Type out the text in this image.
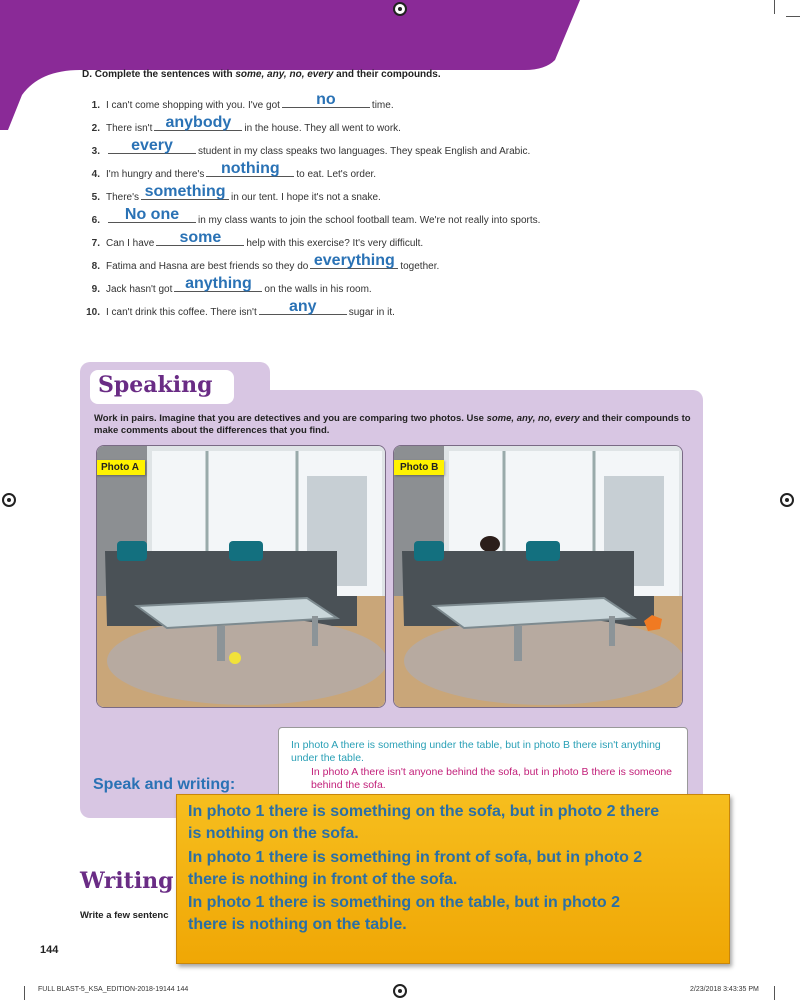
D. Complete the sentences with some, any, no, every and their compounds.
1. I can't come shopping with you. I've got	no	time.
2. There isn't anybody	in the house. They all went to work.
3.	every	student in my class speaks two languages. They speak English and Arabic.
4. I'm hungry and there's	nothing	to eat. Let's order.
5. There's something in our tent. I hope it's not a snake.
6.	No one	in my class wants to join the school football team. We're not really into sports.
7. Can I have	some	help with this exercise? It's very difficult.
8. Fatima and Hasna are best friends so they do everything together.
9. Jack hasn't got anything	on the walls in his room.
10. I can't drink this coffee. There isn't	any	sugar in it.
Speaking
Work in pairs. Imagine that you are detectives and you are comparing two photos. Use some, any, no, every and their compounds to make comments about the differences that you find.
Photo A	Photo B
In photo A there is something under the table, but in photo B there isn't anything under the table.
In photo A there isn't anyone behind the sofa, but in photo B there is someone behind the sofa.
Speak and writing:
Writing
Write a few sentenc
144
In photo 1 there is something on the sofa, but in photo 2 there
is nothing on the sofa.
In photo 1 there is something in front of sofa, but in photo 2
there is nothing in front of the sofa.
In photo 1 there is something on the table, but in photo 2
there is nothing on the table.
FULL BLAST-5_KSA_EDITION-2018-19144 144	2/23/2018 3:43:35 PM
